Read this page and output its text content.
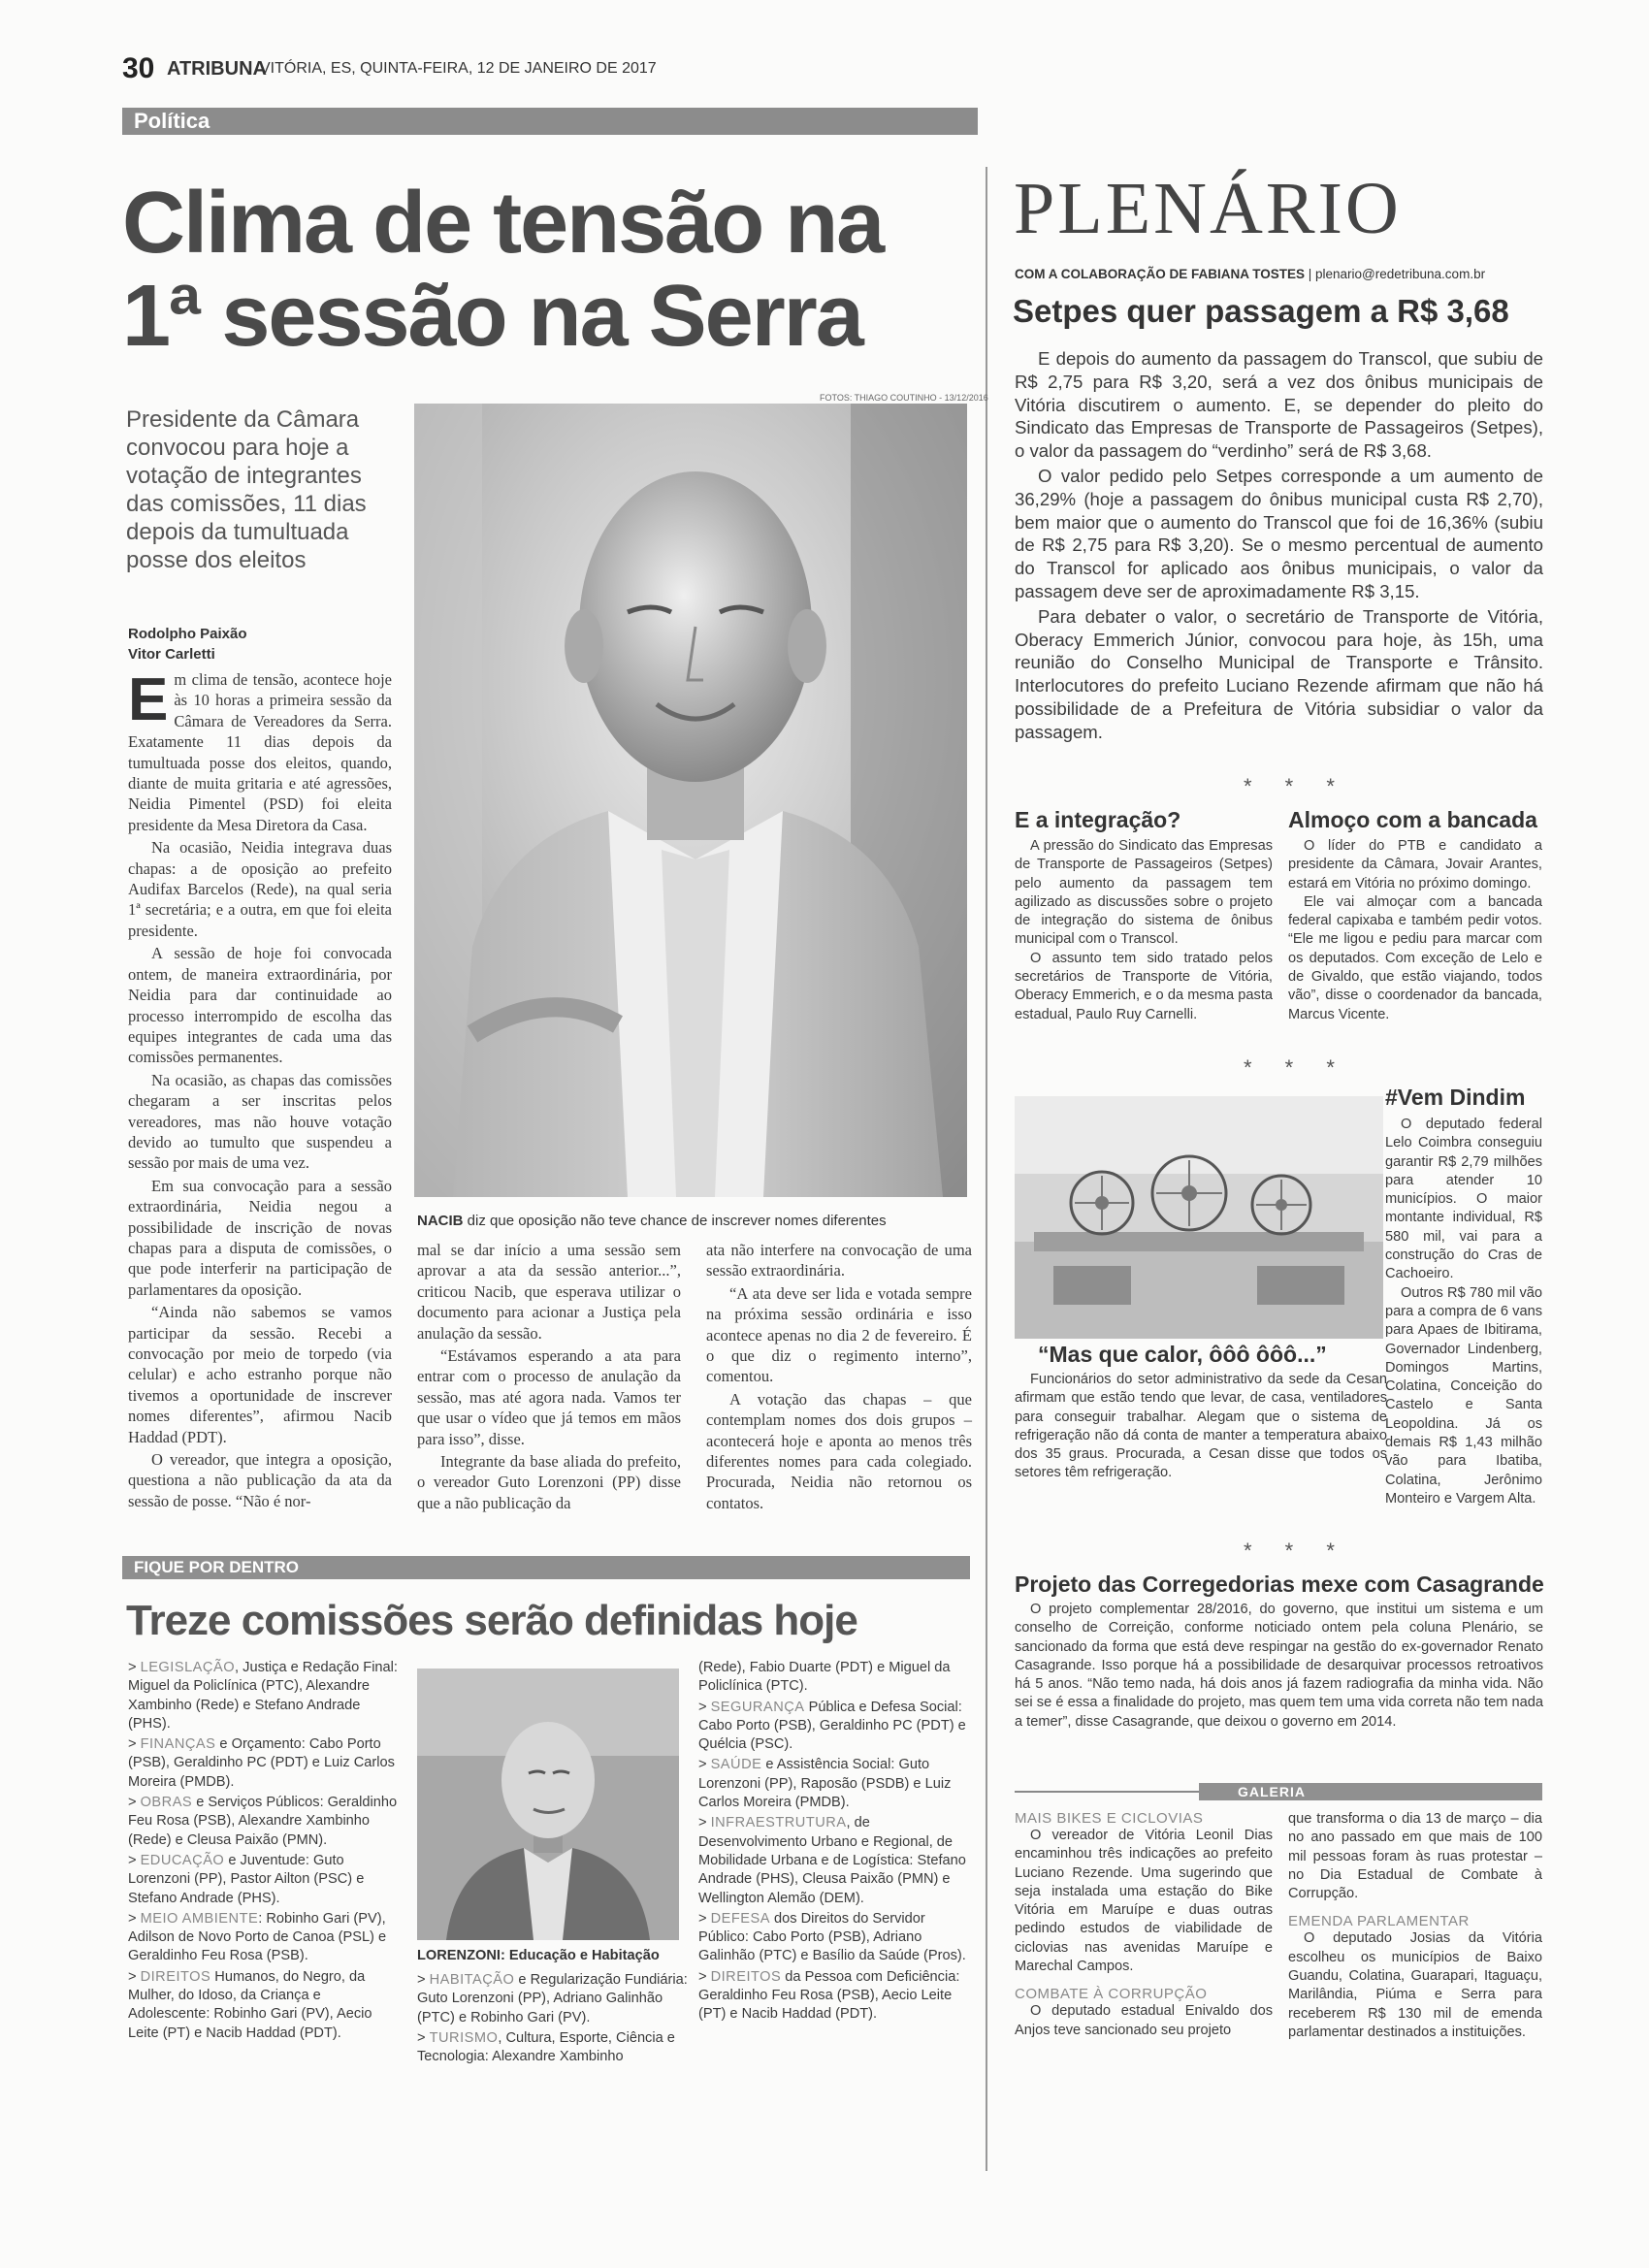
30 ATRIBUNA
VITÓRIA, ES, QUINTA-FEIRA, 12 DE JANEIRO DE 2017
Política
Clima de tensão na
1ª sessão na Serra
FOTOS: THIAGO COUTINHO - 13/12/2016
Presidente da Câmara convocou para hoje a votação de integrantes das comissões, 11 dias depois da tumultuada posse dos eleitos
Rodolpho Paixão
Vitor Carletti

Em clima de tensão, acontece hoje às 10 horas a primeira sessão da Câmara de Vereadores da Serra. Exatamente 11 dias depois da tumultuada posse dos eleitos, quando, diante de muita gritaria e até agressões, Neidia Pimentel (PSD) foi eleita presidente da Mesa Diretora da Casa.

Na ocasião, Neidia integrava duas chapas: a de oposição ao prefeito Audifax Barcelos (Rede), na qual seria 1ª secretária; e a outra, em que foi eleita presidente.

A sessão de hoje foi convocada ontem, de maneira extraordinária, por Neidia para dar continuidade ao processo interrompido de escolha das equipes integrantes de cada uma das comissões permanentes.

Na ocasião, as chapas das comissões chegaram a ser inscritas pelos vereadores, mas não houve votação devido ao tumulto que suspendeu a sessão por mais de uma vez.

Em sua convocação para a sessão extraordinária, Neidia negou a possibilidade de inscrição de novas chapas para a disputa de comissões, o que pode interferir na participação de parlamentares da oposição.

“Ainda não sabemos se vamos participar da sessão. Recebi a convocação por meio de torpedo (via celular) e acho estranho porque não tivemos a oportunidade de inscrever nomes diferentes”, afirmou Nacib Haddad (PDT).

O vereador, que integra a oposição, questiona a não publicação da ata da sessão de posse. “Não é nor-

NACIB diz que oposição não teve chance de inscrever nomes diferentes

mal se dar início a uma sessão sem aprovar a ata da sessão anterior...”, criticou Nacib, que esperava utilizar o documento para acionar a Justiça pela anulação da sessão.

“Estávamos esperando a ata para entrar com o processo de anulação da sessão, mas até agora nada. Vamos ter que usar o vídeo que já temos em mãos para isso”, disse.

Integrante da base aliada do prefeito, o vereador Guto Lorenzoni (PP) disse que a não publicação da

ata não interfere na convocação de uma sessão extraordinária.

“A ata deve ser lida e votada sempre na próxima sessão ordinária e isso acontece apenas no dia 2 de fevereiro. É o que diz o regimento interno”, comentou.

A votação das chapas – que contemplam nomes dos dois grupos – acontecerá hoje e aponta ao menos três diferentes nomes para cada colegiado. Procurada, Neidia não retornou os contatos.

FIQUE POR DENTRO
Treze comissões serão definidas hoje
> LEGISLAÇÃO, Justiça e Redação Final: Miguel da Policlínica (PTC), Alexandre Xambinho (Rede) e Stefano Andrade (PHS).
> FINANÇAS e Orçamento: Cabo Porto (PSB), Geraldinho PC (PDT) e Luiz Carlos Moreira (PMDB).
> OBRAS e Serviços Públicos: Geraldinho Feu Rosa (PSB), Alexandre Xambinho (Rede) e Cleusa Paixão (PMN).
> EDUCAÇÃO e Juventude: Guto Lorenzoni (PP), Pastor Ailton (PSC) e Stefano Andrade (PHS).
> MEIO AMBIENTE: Robinho Gari (PV), Adilson de Novo Porto de Canoa (PSL) e Geraldinho Feu Rosa (PSB).
> DIREITOS Humanos, do Negro, da Mulher, do Idoso, da Criança e Adolescente: Robinho Gari (PV), Aecio Leite (PT) e Nacib Haddad (PDT).
LORENZONI: Educação e Habitação
> HABITAÇÃO e Regularização Fundiária: Guto Lorenzoni (PP), Adriano Galinhão (PTC) e Robinho Gari (PV).
> TURISMO, Cultura, Esporte, Ciência e Tecnologia: Alexandre Xambinho
(Rede), Fabio Duarte (PDT) e Miguel da Policlínica (PTC).
> SEGURANÇA Pública e Defesa Social: Cabo Porto (PSB), Geraldinho PC (PDT) e Quélcia (PSC).
> SAÚDE e Assistência Social: Guto Lorenzoni (PP), Raposão (PSDB) e Luiz Carlos Moreira (PMDB).
> INFRAESTRUTURA, de Desenvolvimento Urbano e Regional, de Mobilidade Urbana e de Logística: Stefano Andrade (PHS), Cleusa Paixão (PMN) e Wellington Alemão (DEM).
> DEFESA dos Direitos do Servidor Público: Cabo Porto (PSB), Adriano Galinhão (PTC) e Basílio da Saúde (Pros).
> DIREITOS da Pessoa com Deficiência: Geraldinho Feu Rosa (PSB), Aecio Leite (PT) e Nacib Haddad (PDT).
PLENÁRIO
COM A COLABORAÇÃO DE FABIANA TOSTES | plenario@redetribuna.com.br
Setpes quer passagem a R$ 3,68

E depois do aumento da passagem do Transcol, que subiu de R$ 2,75 para R$ 3,20, será a vez dos ônibus municipais de Vitória discutirem o aumento. E, se depender do pleito do Sindicato das Empresas de Transporte de Passageiros (Setpes), o valor da passagem do “verdinho” será de R$ 3,68.

O valor pedido pelo Setpes corresponde a um aumento de 36,29% (hoje a passagem do ônibus municipal custa R$ 2,70), bem maior que o aumento do Transcol que foi de 16,36% (subiu de R$ 2,75 para R$ 3,20). Se o mesmo percentual de aumento do Transcol for aplicado aos ônibus municipais, o valor da passagem deve ser de aproximadamente R$ 3,15.

Para debater o valor, o secretário de Transporte de Vitória, Oberacy Emmerich Júnior, convocou para hoje, às 15h, uma reunião do Conselho Municipal de Transporte e Trânsito. Interlocutores do prefeito Luciano Rezende afirmam que não há possibilidade de a Prefeitura de Vitória subsidiar o valor da passagem.

* * *
E a integração?

A pressão do Sindicato das Empresas de Transporte de Passageiros (Setpes) pelo aumento da passagem tem agilizado as discussões sobre o projeto de integração do sistema de ônibus municipal com o Transcol.

O assunto tem sido tratado pelos secretários de Transporte de Vitória, Oberacy Emmerich, e o da mesma pasta estadual, Paulo Ruy Carnelli.

Almoço com a bancada

O líder do PTB e candidato a presidente da Câmara, Jovair Arantes, estará em Vitória no próximo domingo.

Ele vai almoçar com a bancada federal capixaba e também pedir votos. “Ele me ligou e pediu para marcar com os deputados. Com exceção de Lelo e de Givaldo, que estão viajando, todos vão”, disse o coordenador da bancada, Marcus Vicente.

* * *
“Mas que calor, ôôô ôôô...”

Funcionários do setor administrativo da sede da Cesan afirmam que estão tendo que levar, de casa, ventiladores para conseguir trabalhar. Alegam que o sistema de refrigeração não dá conta de manter a temperatura abaixo dos 35 graus. Procurada, a Cesan disse que todos os setores têm refrigeração.

#Vem Dindim

O deputado federal Lelo Coimbra conseguiu garantir R$ 2,79 milhões para atender 10 municípios. O maior montante individual, R$ 580 mil, vai para a construção do Cras de Cachoeiro.

Outros R$ 780 mil vão para a compra de 6 vans para Apaes de Ibitirama, Governador Lindenberg, Domingos Martins, Colatina, Conceição do Castelo e Santa Leopoldina. Já os demais R$ 1,43 milhão vão para Ibatiba, Colatina, Jerônimo Monteiro e Vargem Alta.

* * *
Projeto das Corregedorias mexe com Casagrande

O projeto complementar 28/2016, do governo, que institui um sistema e um conselho de Correição, conforme noticiado ontem pela coluna Plenário, se sancionado da forma que está deve respingar na gestão do ex-governador Renato Casagrande. Isso porque há a possibilidade de desarquivar processos retroativos há 5 anos. “Não temo nada, há dois anos já fazem radiografia da minha vida. Não sei se é essa a finalidade do projeto, mas quem tem uma vida correta não tem nada a temer”, disse Casagrande, que deixou o governo em 2014.

GALERIA
MAIS BIKES E CICLOVIAS

O vereador de Vitória Leonil Dias encaminhou três indicações ao prefeito Luciano Rezende. Uma sugerindo que seja instalada uma estação do Bike Vitória em Maruípe e duas outras pedindo estudos de viabilidade de ciclovias nas avenidas Maruípe e Marechal Campos.

COMBATE À CORRUPÇÃO

O deputado estadual Enivaldo dos Anjos teve sancionado seu projeto

que transforma o dia 13 de março – dia no ano passado em que mais de 100 mil pessoas foram às ruas protestar – no Dia Estadual de Combate à Corrupção.

EMENDA PARLAMENTAR

O deputado Josias da Vitória escolheu os municípios de Baixo Guandu, Colatina, Guarapari, Itaguaçu, Marilândia, Piúma e Serra para receberem R$ 130 mil de emenda parlamentar destinados a instituições.
